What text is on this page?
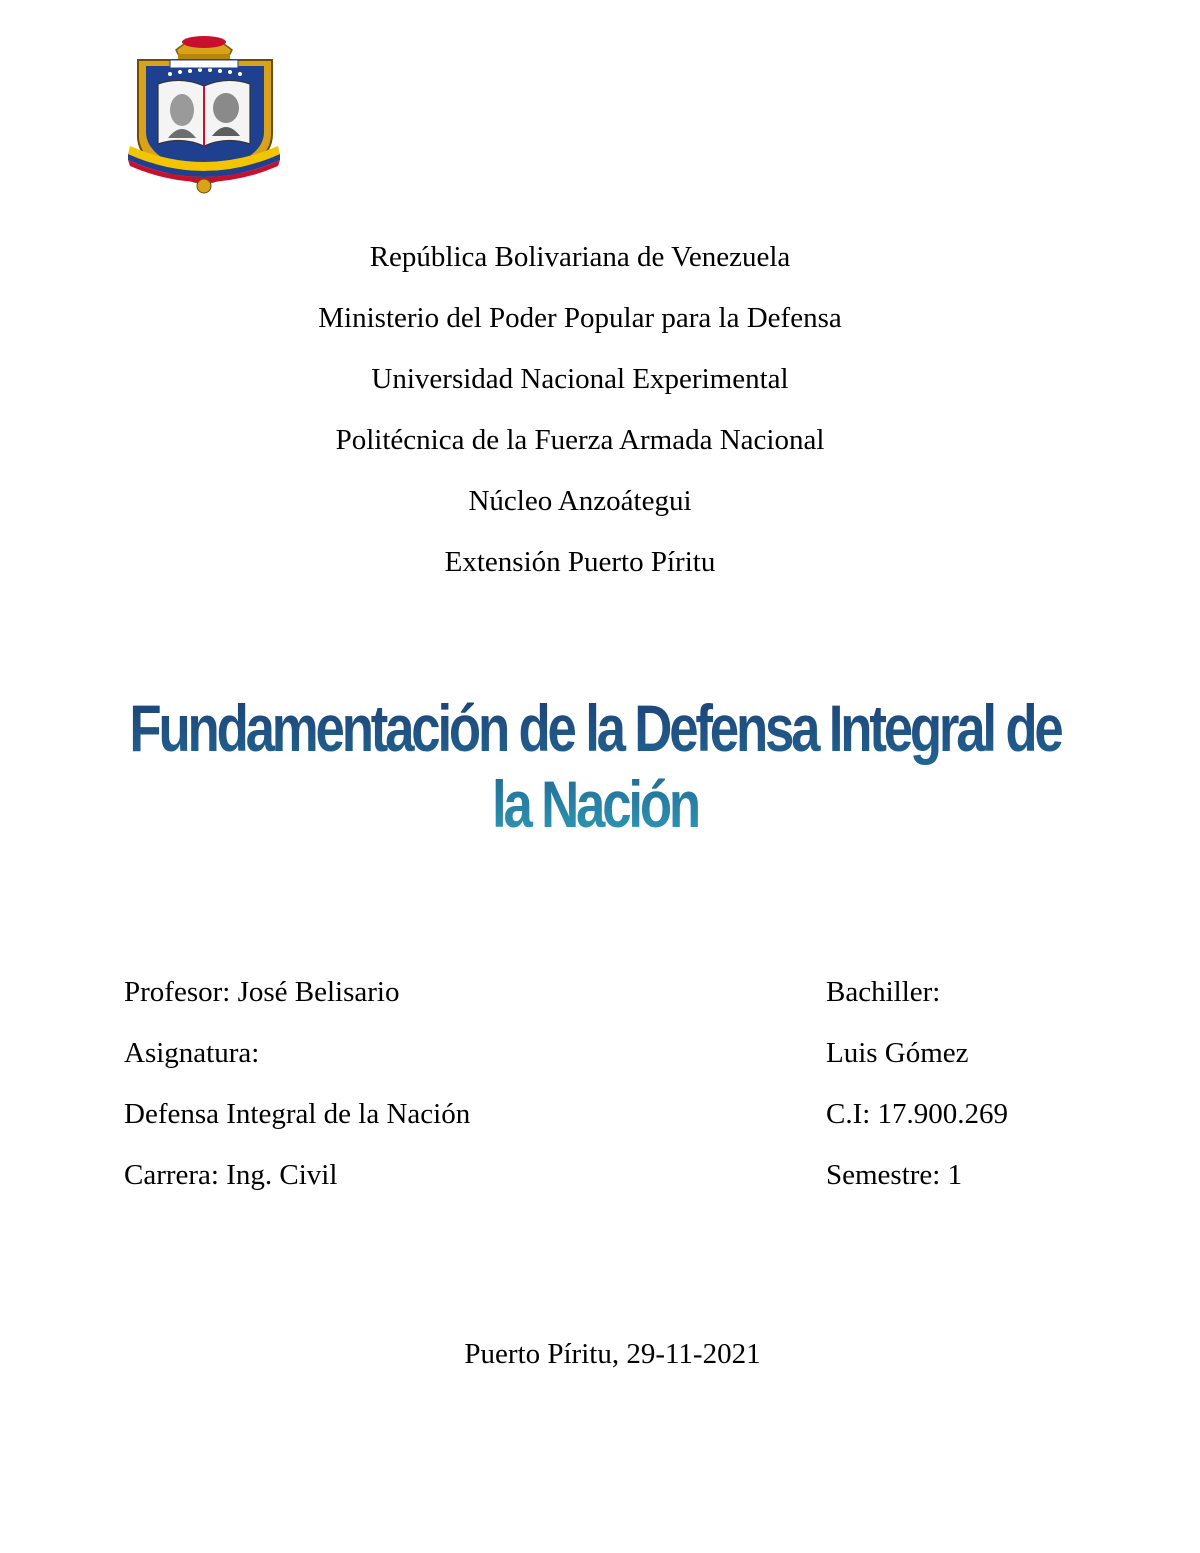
República Bolivariana de Venezuela
Ministerio del Poder Popular para la Defensa
Universidad Nacional Experimental
Politécnica de la Fuerza Armada Nacional
Núcleo Anzoátegui
Extensión Puerto Píritu
Fundamentación de la Defensa Integral de la Nación
Profesor: José Belisario
Asignatura:
Defensa Integral de la Nación
Carrera: Ing. Civil
Bachiller:
Luis Gómez
C.I: 17.900.269
Semestre: 1
Puerto Píritu, 29-11-2021
